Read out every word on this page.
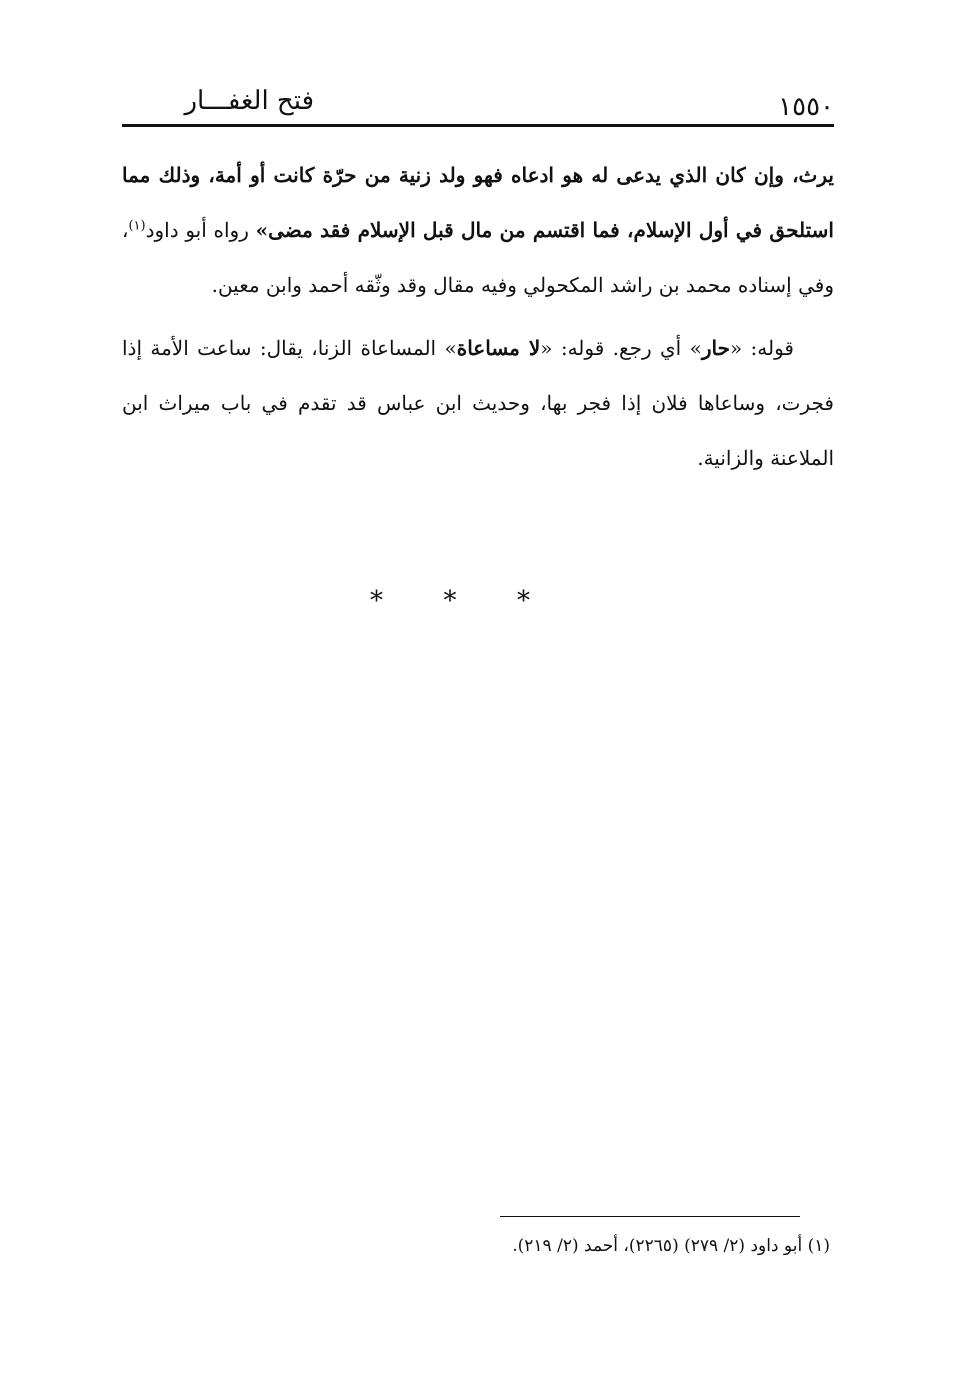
فتح الغفـــار	١٥٥٠

يرث، وإن كان الذي يدعى له هو ادعاه فهو ولد زنية من حرّة كانت أو أمة، وذلك مما استلحق في أول الإسلام، فما اقتسم من مال قبل الإسلام فقد مضى» رواه أبو داود$^{(١)}$، وفي إسناده محمد بن راشد المكحولي وفيه مقال وقد وثّقه أحمد وابن معين.

قوله: «حار» أي رجع. قوله: «لا مساعاة» المساعاة الزنا، يقال: ساعت الأمة إذا فجرت، وساعاها فلان إذا فجر بها، وحديث ابن عباس قد تقدم في باب ميراث ابن الملاعنة والزانية.

* * *
(١) أبو داود (٢/ ٢٧٩) (٢٢٦٥)، أحمد (٢/ ٢١٩).
